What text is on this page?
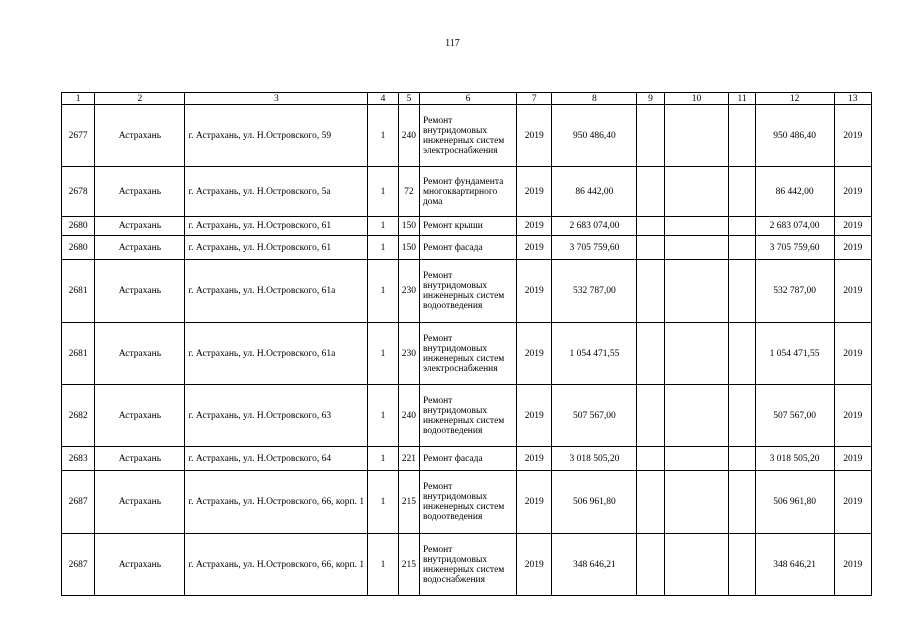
117
1	2	3	4	5	6	7	8	9	10	11	12	13
2677	Астрахань	г. Астрахань, ул. Н.Островского, 59	1	240	Ремонт внутридомовых инженерных систем электроснабжения	2019	950 486,40				950 486,40	2019
2678	Астрахань	г. Астрахань, ул. Н.Островского, 5а	1	72	Ремонт фундамента многоквартирного дома	2019	86 442,00				86 442,00	2019
2680	Астрахань	г. Астрахань, ул. Н.Островского, 61	1	150	Ремонт крыши	2019	2 683 074,00				2 683 074,00	2019
2680	Астрахань	г. Астрахань, ул. Н.Островского, 61	1	150	Ремонт фасада	2019	3 705 759,60				3 705 759,60	2019
2681	Астрахань	г. Астрахань, ул. Н.Островского, 61а	1	230	Ремонт внутридомовых инженерных систем водоотведения	2019	532 787,00				532 787,00	2019
2681	Астрахань	г. Астрахань, ул. Н.Островского, 61а	1	230	Ремонт внутридомовых инженерных систем электроснабжения	2019	1 054 471,55				1 054 471,55	2019
2682	Астрахань	г. Астрахань, ул. Н.Островского, 63	1	240	Ремонт внутридомовых инженерных систем водоотведения	2019	507 567,00				507 567,00	2019
2683	Астрахань	г. Астрахань, ул. Н.Островского, 64	1	221	Ремонт фасада	2019	3 018 505,20				3 018 505,20	2019
2687	Астрахань	г. Астрахань, ул. Н.Островского, 66, корп. 1	1	215	Ремонт внутридомовых инженерных систем водоотведения	2019	506 961,80				506 961,80	2019
2687	Астрахань	г. Астрахань, ул. Н.Островского, 66, корп. 1	1	215	Ремонт внутридомовых инженерных систем водоснабжения	2019	348 646,21				348 646,21	2019
